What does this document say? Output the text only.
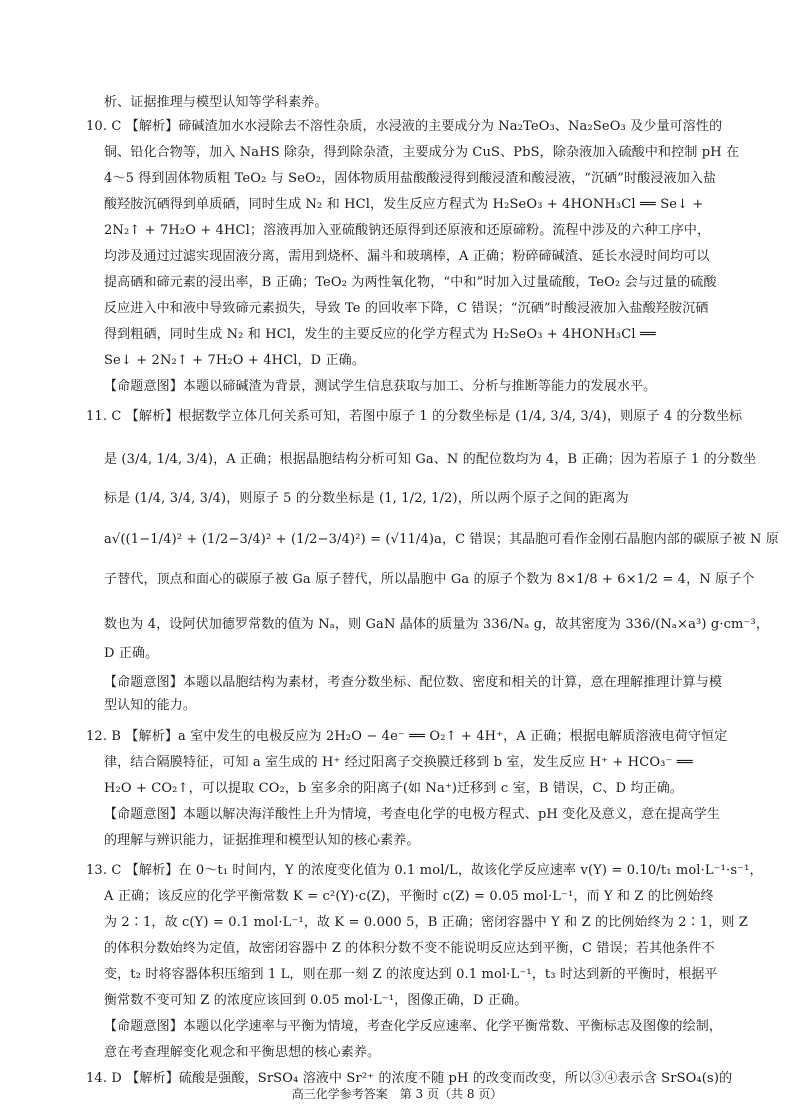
析、证据推理与模型认知等学科素养。
10. C 【解析】碲碱渣加水水浸除去不溶性杂质，水浸液的主要成分为 Na₂TeO₃、Na₂SeO₃ 及少量可溶性的
铜、铅化合物等，加入 NaHS 除杂，得到除杂渣，主要成分为 CuS、PbS，除杂液加入硫酸中和控制 pH 在
4～5 得到固体物质粗 TeO₂ 与 SeO₂，固体物质用盐酸酸浸得到酸浸渣和酸浸液，“沉硒”时酸浸液加入盐
酸羟胺沉硒得到单质硒，同时生成 N₂ 和 HCl，发生反应方程式为 H₂SeO₃ + 4HONH₃Cl ══ Se↓ +
2N₂↑ + 7H₂O + 4HCl；溶液再加入亚硫酸钠还原得到还原液和还原碲粉。流程中涉及的六种工序中，
均涉及通过过滤实现固液分离，需用到烧杯、漏斗和玻璃棒，A 正确；粉碎碲碱渣、延长水浸时间均可以
提高硒和碲元素的浸出率，B 正确；TeO₂ 为两性氧化物，“中和”时加入过量硫酸，TeO₂ 会与过量的硫酸
反应进入中和液中导致碲元素损失，导致 Te 的回收率下降，C 错误；“沉硒”时酸浸液加入盐酸羟胺沉硒
得到粗硒，同时生成 N₂ 和 HCl，发生的主要反应的化学方程式为 H₂SeO₃ + 4HONH₃Cl ══
Se↓ + 2N₂↑ + 7H₂O + 4HCl，D 正确。
【命题意图】本题以碲碱渣为背景，测试学生信息获取与加工、分析与推断等能力的发展水平。
11. C 【解析】根据数学立体几何关系可知，若图中原子 1 的分数坐标是 (1/4, 3/4, 3/4)，则原子 4 的分数坐标
是 (3/4, 1/4, 3/4)，A 正确；根据晶胞结构分析可知 Ga、N 的配位数均为 4，B 正确；因为若原子 1 的分数坐
标是 (1/4, 3/4, 3/4)，则原子 5 的分数坐标是 (1, 1/2, 1/2)，所以两个原子之间的距离为
a√((1−1/4)² + (1/2−3/4)² + (1/2−3/4)²) = (√11/4)a，C 错误；其晶胞可看作金刚石晶胞内部的碳原子被 N 原
子替代，顶点和面心的碳原子被 Ga 原子替代，所以晶胞中 Ga 的原子个数为 8×1/8 + 6×1/2 = 4，N 原子个
数也为 4，设阿伏加德罗常数的值为 Nₐ，则 GaN 晶体的质量为 336/Nₐ g，故其密度为 336/(Nₐ×a³) g·cm⁻³，
D 正确。
【命题意图】本题以晶胞结构为素材，考查分数坐标、配位数、密度和相关的计算，意在理解推理计算与模
型认知的能力。
12. B 【解析】a 室中发生的电极反应为 2H₂O − 4e⁻ ══ O₂↑ + 4H⁺，A 正确；根据电解质溶液电荷守恒定
律，结合隔膜特征，可知 a 室生成的 H⁺ 经过阳离子交换膜迁移到 b 室，发生反应 H⁺ + HCO₃⁻ ══
H₂O + CO₂↑，可以提取 CO₂，b 室多余的阳离子(如 Na⁺)迁移到 c 室，B 错误，C、D 均正确。
【命题意图】本题以解决海洋酸性上升为情境，考查电化学的电极方程式、pH 变化及意义，意在提高学生
的理解与辨识能力，证据推理和模型认知的核心素养。
13. C 【解析】在 0～t₁ 时间内，Y 的浓度变化值为 0.1 mol/L，故该化学反应速率 v(Y) = 0.10/t₁ mol·L⁻¹·s⁻¹，
A 正确；该反应的化学平衡常数 K = c²(Y)·c(Z)，平衡时 c(Z) = 0.05 mol·L⁻¹，而 Y 和 Z 的比例始终
为 2∶1，故 c(Y) = 0.1 mol·L⁻¹，故 K = 0.000 5，B 正确；密闭容器中 Y 和 Z 的比例始终为 2∶1，则 Z
的体积分数始终为定值，故密闭容器中 Z 的体积分数不变不能说明反应达到平衡，C 错误；若其他条件不
变，t₂ 时将容器体积压缩到 1 L，则在那一刻 Z 的浓度达到 0.1 mol·L⁻¹，t₃ 时达到新的平衡时，根据平
衡常数不变可知 Z 的浓度应该回到 0.05 mol·L⁻¹，图像正确，D 正确。
【命题意图】本题以化学速率与平衡为情境，考查化学反应速率、化学平衡常数、平衡标志及图像的绘制，
意在考查理解变化观念和平衡思想的核心素养。
14. D 【解析】硫酸是强酸，SrSO₄ 溶液中 Sr²⁺ 的浓度不随 pH 的改变而改变，所以③④表示含 SrSO₄(s)的
高三化学参考答案　第 3 页（共 8 页）
